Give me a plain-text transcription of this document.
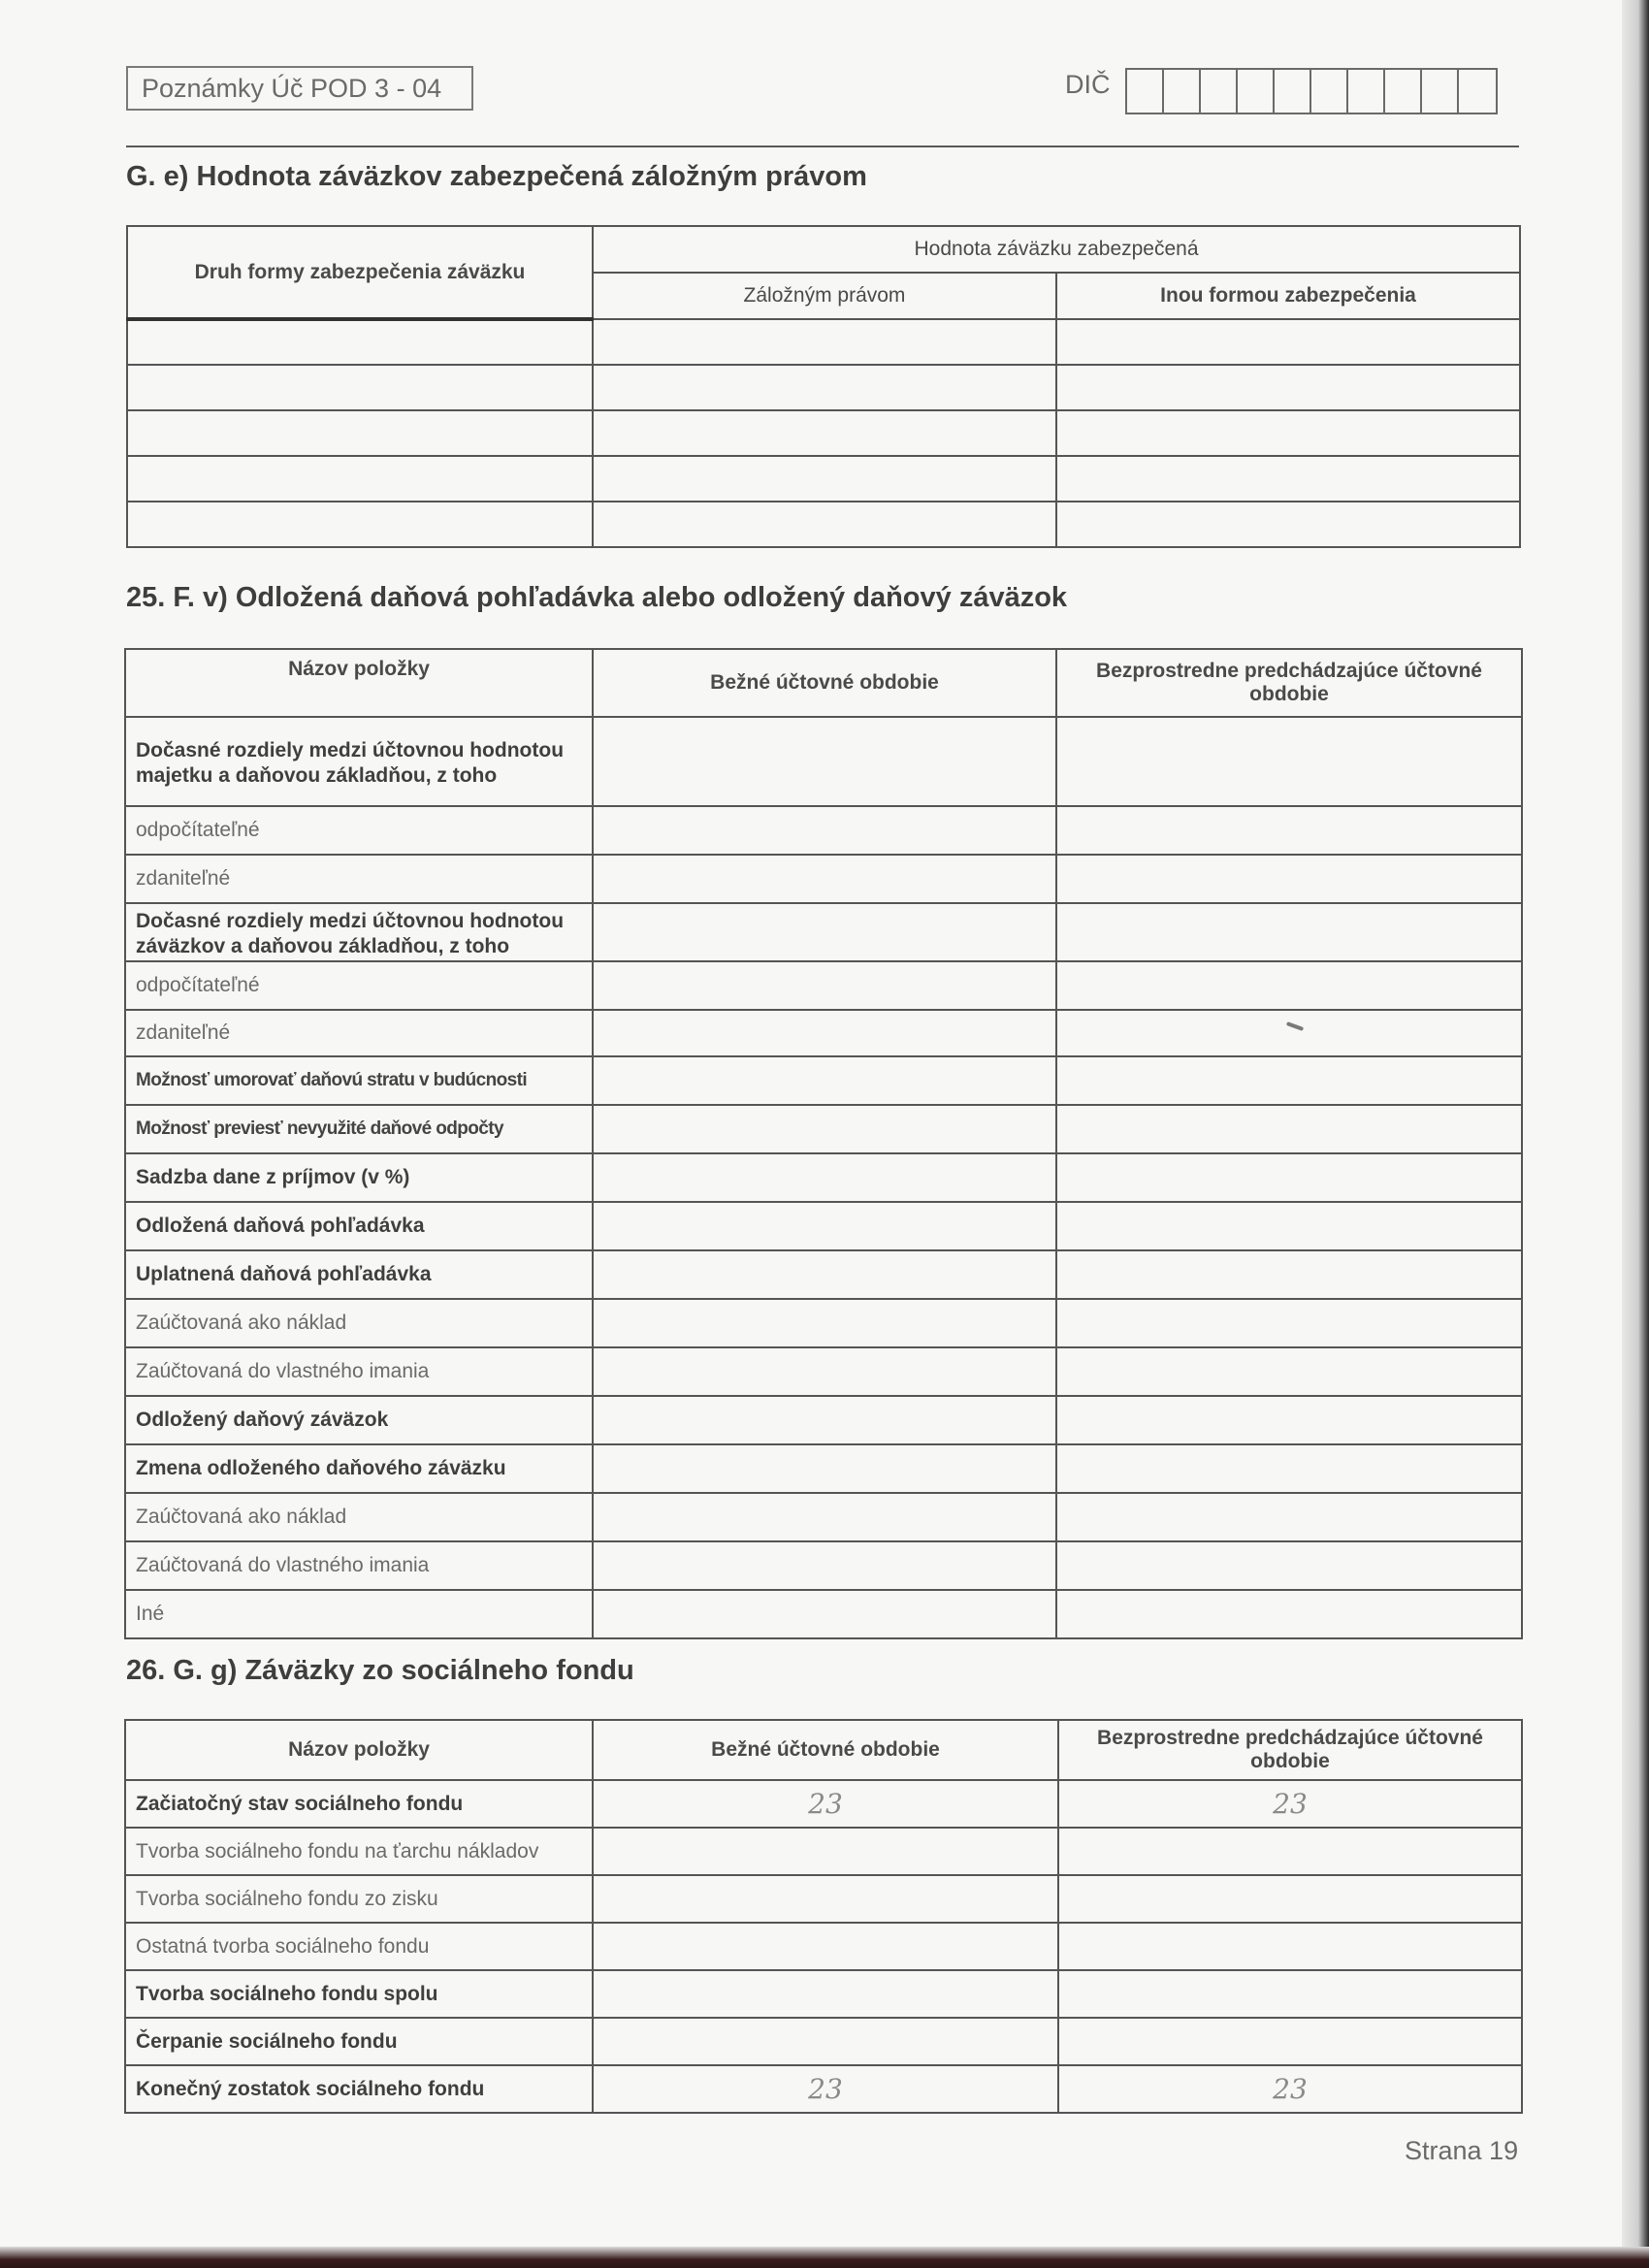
Poznámky Úč POD 3 - 04	DIČ
G. e) Hodnota záväzkov zabezpečená záložným právom
Druh formy zabezpečenia záväzku	Hodnota záväzku zabezpečená	
	Záložným právom	Inou formou zabezpečenia

25. F. v) Odložená daňová pohľadávka alebo odložený daňový záväzok
Názov položky	Bežné účtovné obdobie	Bezprostredne predchádzajúce účtovné obdobie
Dočasné rozdiely medzi účtovnou hodnotou majetku a daňovou základňou, z toho		
odpočítateľné		
zdaniteľné		
Dočasné rozdiely medzi účtovnou hodnotou záväzkov a daňovou základňou, z toho		
odpočítateľné		
zdaniteľné		
Možnosť umorovať daňovú stratu v budúcnosti		
Možnosť previesť nevyužité daňové odpočty		
Sadzba dane z príjmov (v %)		
Odložená daňová pohľadávka		
Uplatnená daňová pohľadávka		
Zaúčtovaná ako náklad		
Zaúčtovaná do vlastného imania		
Odložený daňový záväzok		
Zmena odloženého daňového záväzku		
Zaúčtovaná ako náklad		
Zaúčtovaná do vlastného imania		
Iné		
26. G. g) Záväzky zo sociálneho fondu
Názov položky	Bežné účtovné obdobie	Bezprostredne predchádzajúce účtovné obdobie
Začiatočný stav sociálneho fondu	23	23
Tvorba sociálneho fondu na ťarchu nákladov		
Tvorba sociálneho fondu zo zisku		
Ostatná tvorba sociálneho fondu		
Tvorba sociálneho fondu spolu		
Čerpanie sociálneho fondu		
Konečný zostatok sociálneho fondu	23	23
Strana 19
